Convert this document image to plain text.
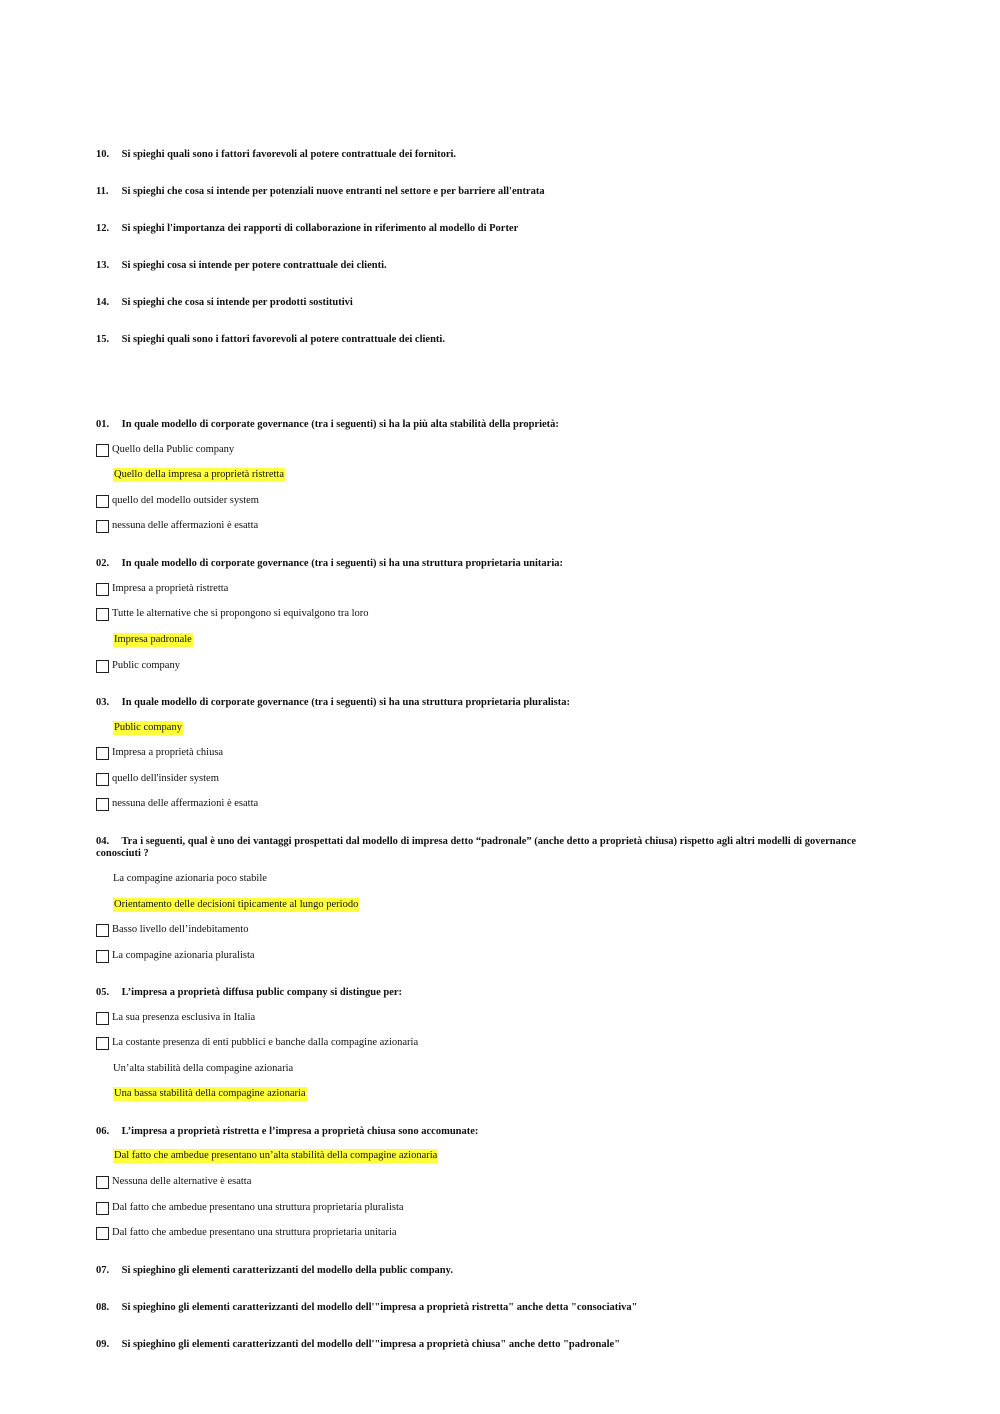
10. Si spieghi quali sono i fattori favorevoli al potere contrattuale dei fornitori.
11. Si spieghi che cosa si intende per potenziali nuove entranti nel settore e per barriere all'entrata
12. Si spieghi l'importanza dei rapporti di collaborazione in riferimento al modello di Porter
13. Si spieghi cosa si intende per potere contrattuale dei clienti.
14. Si spieghi che cosa si intende per prodotti sostitutivi
15. Si spieghi quali sono i fattori favorevoli al potere contrattuale dei clienti.
01. In quale modello di corporate governance (tra i seguenti) si ha la più alta stabilità della proprietà:
Quello della Public company
Quello della impresa a proprietà ristretta
quello del modello outsider system
nessuna delle affermazioni è esatta
02. In quale modello di corporate governance (tra i seguenti) si ha una struttura proprietaria unitaria:
Impresa a proprietà ristretta
Tutte le alternative che si propongono si equivalgono tra loro
Impresa padronale
Public company
03. In quale modello di corporate governance (tra i seguenti) si ha una struttura proprietaria pluralista:
Public company
Impresa a proprietà chiusa
quello dell'insider system
nessuna delle affermazioni è esatta
04. Tra i seguenti, qual è uno dei vantaggi prospettati dal modello di impresa detto “padronale” (anche detto a proprietà chiusa) rispetto agli altri modelli di governance conosciuti ?
La compagine azionaria poco stabile
Orientamento delle decisioni tipicamente al lungo periodo
Basso livello dell’indebitamento
La compagine azionaria pluralista
05. L’impresa a proprietà diffusa public company si distingue per:
La sua presenza esclusiva in Italia
La costante presenza di enti pubblici e banche dalla compagine azionaria
Un’alta stabilità della compagine azionaria
Una bassa stabilità della compagine azionaria
06. L’impresa a proprietà ristretta e l’impresa a proprietà chiusa sono accomunate:
Dal fatto che ambedue presentano un’alta stabilità della compagine azionaria
Nessuna delle alternative è esatta
Dal fatto che ambedue presentano una struttura proprietaria pluralista
Dal fatto che ambedue presentano una struttura proprietaria unitaria
07. Si spieghino gli elementi caratterizzanti del modello della public company.
08. Si spieghino gli elementi caratterizzanti del modello dell'"impresa a proprietà ristretta" anche detta "consociativa"
09. Si spieghino gli elementi caratterizzanti del modello dell'"impresa a proprietà chiusa" anche detto "padronale"
